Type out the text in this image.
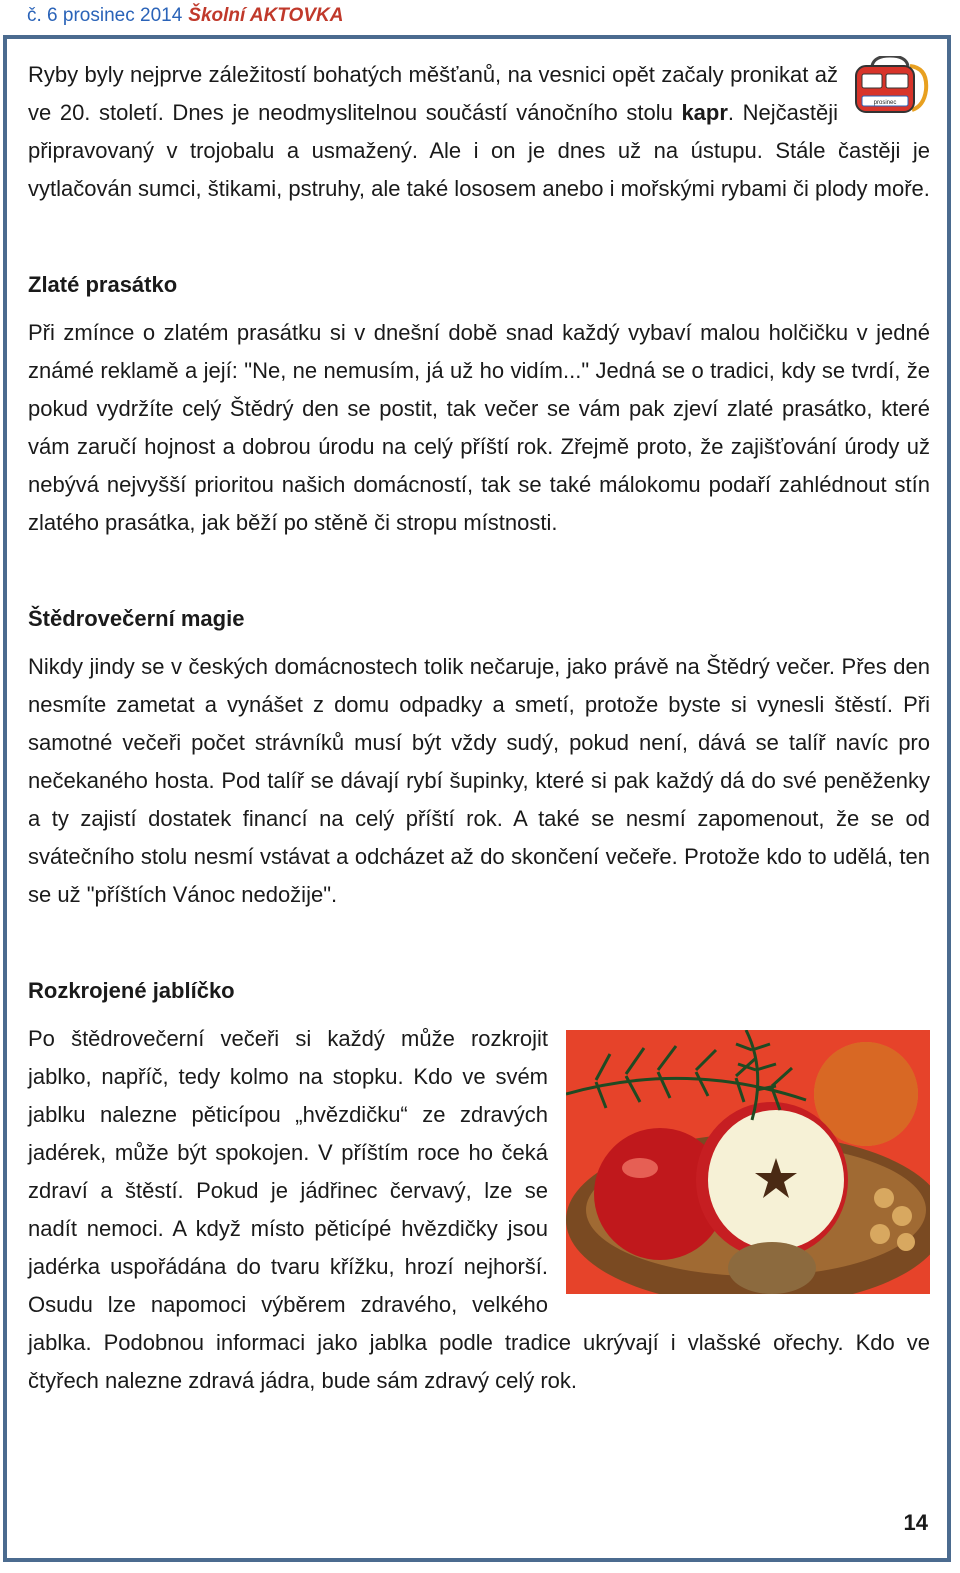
č. 6 prosinec 2014 Školní AKTOVKA

prosinec
Ryby byly nejprve záležitostí bohatých měšťanů, na vesnici opět začaly pronikat až ve 20. století. Dnes je neodmyslitelnou součástí vánočního stolu kapr. Nejčastěji připravovaný v trojobalu a usmažený. Ale i on je dnes už na ústupu. Stále častěji je vytlačován sumci, štikami, pstruhy, ale také lososem anebo i mořskými rybami či plody moře.

Zlaté prasátko

Při zmínce o zlatém prasátku si v dnešní době snad každý vybaví malou holčičku v jedné známé reklamě a její: "Ne, ne nemusím, já už ho vidím..." Jedná se o tradici, kdy se tvrdí, že pokud vydržíte celý Štědrý den se postit, tak večer se vám pak zjeví zlaté prasátko, které vám zaručí hojnost a dobrou úrodu na celý příští rok. Zřejmě proto, že zajišťování úrody už nebývá nejvyšší prioritou našich domácností, tak se také málokomu podaří zahlédnout stín zlatého prasátka, jak běží po stěně či stropu místnosti.

Štědrovečerní magie

Nikdy jindy se v českých domácnostech tolik nečaruje, jako právě na Štědrý večer. Přes den nesmíte zametat a vynášet z domu odpadky a smetí, protože byste si vynesli štěstí. Při samotné večeři počet strávníků musí být vždy sudý, pokud není, dává se talíř navíc pro nečekaného hosta. Pod talíř se dávají rybí šupinky, které si pak každý dá do své peněženky a ty zajistí dostatek financí na celý příští rok. A také se nesmí zapomenout, že se od svátečního stolu nesmí vstávat a odcházet až do skončení večeře. Protože kdo to udělá, ten se už "příštích Vánoc nedožije".

Rozkrojené jablíčko

Po štědrovečerní večeři si každý může rozkrojit jablko, napříč, tedy kolmo na stopku. Kdo ve svém jablku nalezne pěticípou „hvězdičku“ ze zdravých jadérek, může být spokojen. V příštím roce ho čeká zdraví a štěstí. Pokud je jádřinec červavý, lze se nadít nemoci. A když místo pěticípé hvězdičky jsou jadérka uspořádána do tvaru křížku, hrozí nejhorší. Osudu lze napomoci výběrem zdravého, velkého jablka. Podobnou informaci jako jablka podle tradice ukrývají i vlašské ořechy. Kdo ve čtyřech nalezne zdravá jádra, bude sám zdravý celý rok.

14
